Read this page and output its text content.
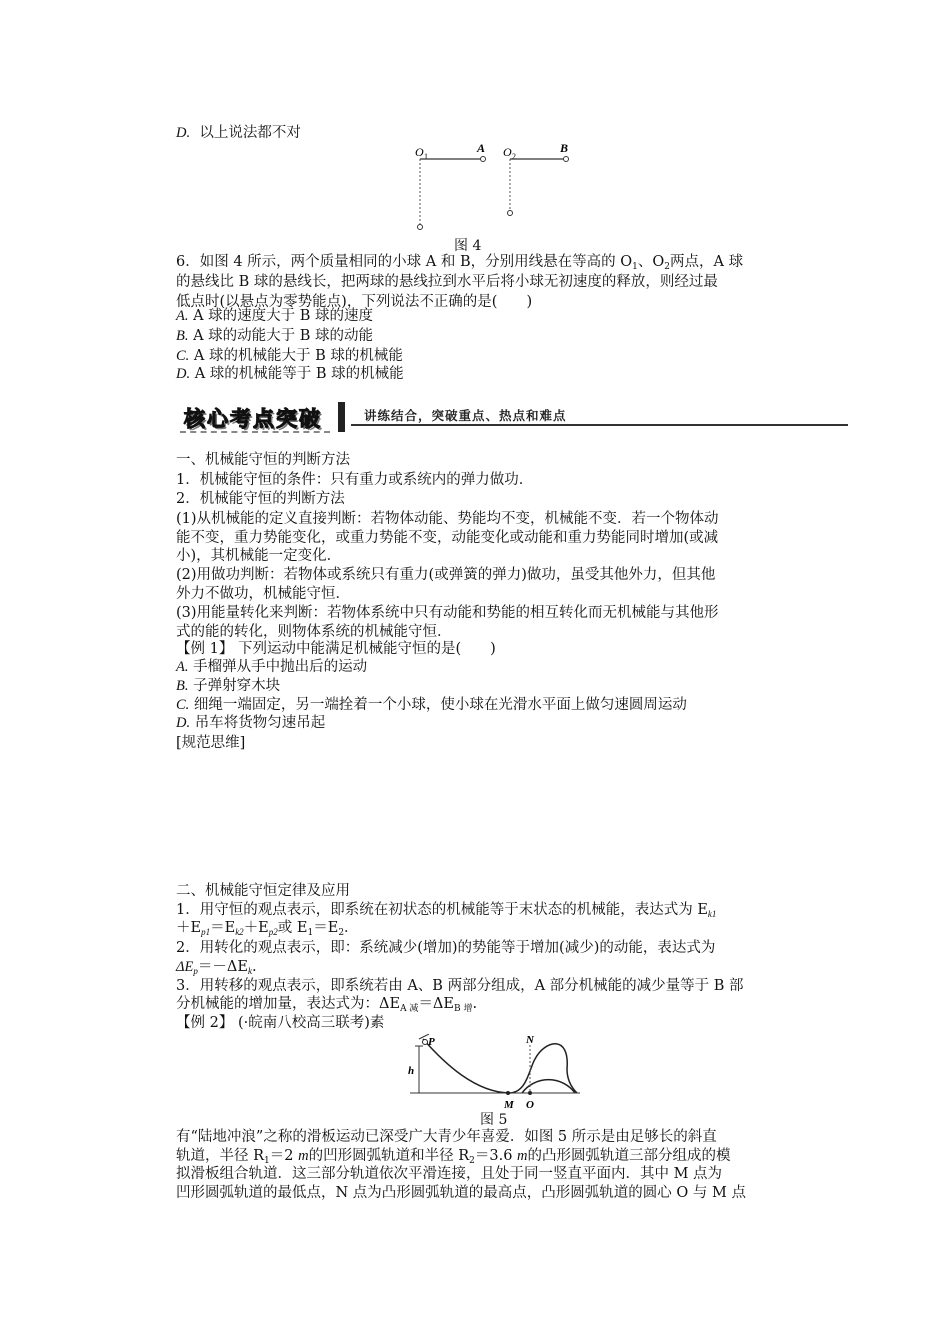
D. 以上说法都不对
O 1
A O 2
B
图 4
6．如图 4 所示，两个质量相同的小球 A 和 B，分别用线悬在等高的 $O_1$、$O_2$两点，A 球
的悬线比 B 球的悬线长，把两球的悬线拉到水平后将小球无初速度的释放，则经过最
低点时(以悬点为零势能点)，下列说法不正确的是(　　)
A. A 球的速度大于 B 球的速度
B. A 球的动能大于 B 球的动能
C. A 球的机械能大于 B 球的机械能
D. A 球的机械能等于 B 球的机械能
核心考点突破	讲练结合，突破重点、热点和难点
一、机械能守恒的判断方法
1．机械能守恒的条件：只有重力或系统内的弹力做功．
2．机械能守恒的判断方法
(1)从机械能的定义直接判断：若物体动能、势能均不变，机械能不变．若一个物体动
能不变，重力势能变化，或重力势能不变，动能变化或动能和重力势能同时增加(或减
小)，其机械能一定变化．
(2)用做功判断：若物体或系统只有重力(或弹簧的弹力)做功，虽受其他外力，但其他
外力不做功，机械能守恒．
(3)用能量转化来判断：若物体系统中只有动能和势能的相互转化而无机械能与其他形
式的能的转化，则物体系统的机械能守恒．
【例 1】 下列运动中能满足机械能守恒的是(　　)
A. 手榴弹从手中抛出后的运动
B. 子弹射穿木块
C. 细绳一端固定，另一端拴着一个小球，使小球在光滑水平面上做匀速圆周运动
D. 吊车将货物匀速吊起
[规范思维]
二、机械能守恒定律及应用
1．用守恒的观点表示，即系统在初状态的机械能等于末状态的机械能，表达式为 $E_{k1}$
$+E_{p1}=E_{k2}+E_{p2}$或 $E_1=E_2$．
2．用转化的观点表示，即：系统减少(增加)的势能等于增加(减少)的动能，表达式为
$\Delta E_p=-\Delta E_k$.
3．用转移的观点表示，即系统若由 A、B 两部分组成，A 部分机械能的减少量等于 B 部
分机械能的增加量，表达式为：$\Delta E_{A 减}=\Delta E_{B 增}$.
【例 2】 (·皖南八校高三联考)素
P
h
M
N
O
图 5
有“陆地冲浪”之称的滑板运动已深受广大青少年喜爱．如图 5 所示是由足够长的斜直
轨道，半径 $R_1=2$ m的凹形圆弧轨道和半径 $R_2=3.6$ m的凸形圆弧轨道三部分组成的模
拟滑板组合轨道．这三部分轨道依次平滑连接，且处于同一竖直平面内．其中 M 点为
凹形圆弧轨道的最低点，N 点为凸形圆弧轨道的最高点，凸形圆弧轨道的圆心 O 与 M 点
